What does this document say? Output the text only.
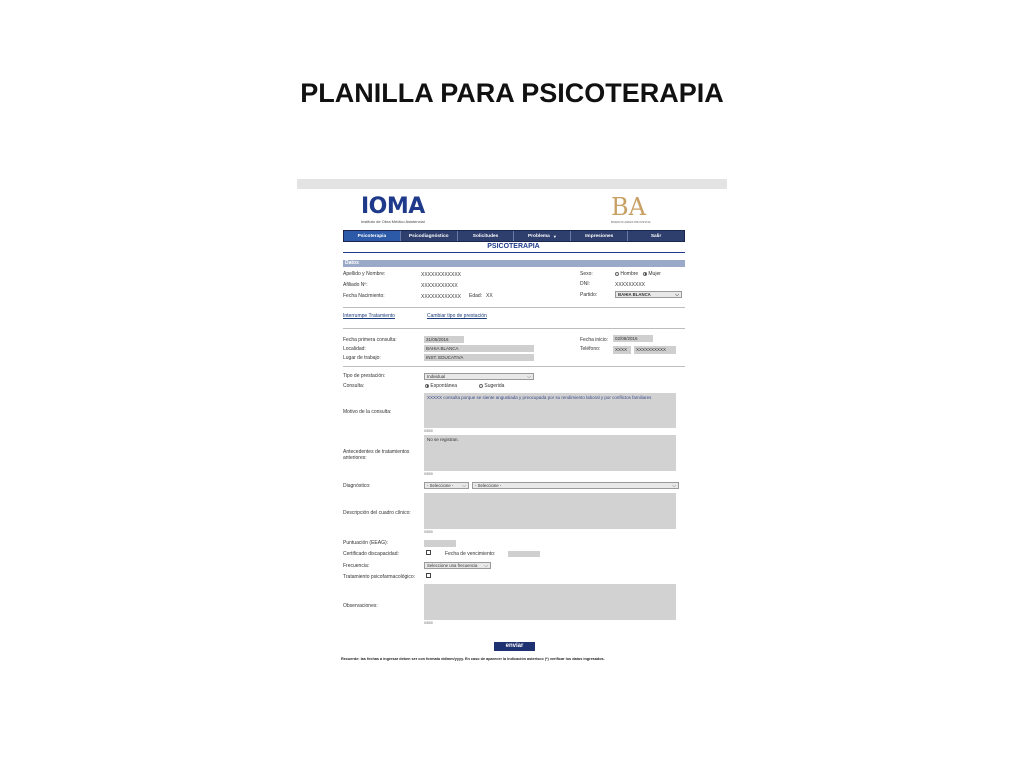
PLANILLA PARA PSICOTERAPIA
IOMA
Instituto de Obra Médico Asistencial
BA
BUENOS AIRES PROVINCIA
Psicoterapia	Psicodiagnóstico	Solicitudes	Problema ▼	Impresiones	Salir
PSICOTERAPIA
Datos
Apellido y Nombre:	XXXXXXXXXXXX
Afiliado Nº:	XXXXXXXXXXX
Fecha Nacimiento:	XXXXXXXXXXXX Edad: XX
Sexo:	Hombre	Mujer
DNI:	XXXXXXXXX
Partido:	BAHIA BLANCA	⌵
Interrumpe Tratamiento	Cambiar tipo de prestación
Fecha primera consulta:	31/05/2016
Localidad:	BAHIA BLANCA
Lugar de trabajo:	INST. EDUCATIVA
Fecha inicio:	02/08/2016
Teléfono:	XXXX	XXXXXXXXXX
Tipo de prestación:	Individual	⌵
Consulta:	Espontánea	Sugerida
Motivo de la consulta:
XXXXX consulta porque se siente angustiada y preocupada por su rendimiento laboral y por conflictos familiares
0/500
Antecedentes de tratamientos anteriores:
No se registran.
0/500
Diagnóstico:	- Seleccione - ⌵	- Seleccione -	⌵
Descripción del cuadro clínico:
0/500
Puntuación (EEAG):
Certificado discapacidad:	Fecha de vencimiento:
Frecuencia:	Seleccione una frecuencia ⌵
Tratamiento psicofarmacológico:
Observaciones:
0/500
enviar
Recuerde: las fechas a ingresar deben ser con formato dd/mm/yyyy. En caso de aparecer la indicación asterisco (*) verificar los datos ingresados.
